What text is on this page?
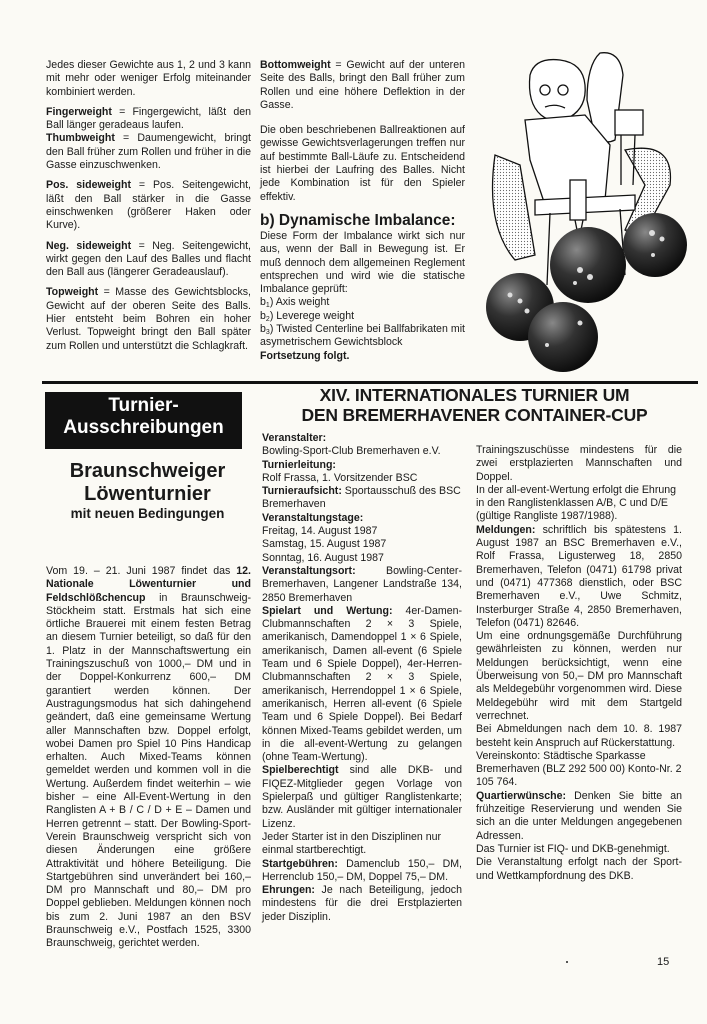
Jedes dieser Gewichte aus 1, 2 und 3 kann mit mehr oder weniger Erfolg miteinander kombiniert werden.

Fingerweight = Fingergewicht, läßt den Ball länger geradeaus laufen.

Thumbweight = Daumengewicht, bringt den Ball früher zum Rollen und früher in die Gasse einzuschwenken.

Pos. sideweight = Pos. Seitengewicht, läßt den Ball stärker in die Gasse einschwenken (größerer Haken oder Kurve).

Neg. sideweight = Neg. Seitengewicht, wirkt gegen den Lauf des Balles und flacht den Ball aus (längerer Geradeauslauf).

Topweight = Masse des Gewichtsblocks, Gewicht auf der oberen Seite des Balls. Hier entsteht beim Bohren ein hoher Verlust. Topweight bringt den Ball später zum Rollen und unterstützt die Schlagkraft.

Bottomweight = Gewicht auf der unteren Seite des Balls, bringt den Ball früher zum Rollen und eine höhere Deflektion in der Gasse.

Die oben beschriebenen Ballreaktionen auf gewisse Gewichtsverlagerungen treffen nur auf bestimmte Ball-Läufe zu. Entscheidend ist hierbei der Laufring des Balles. Nicht jede Kombination ist für den Spieler effektiv.

b) Dynamische Imbalance:

Diese Form der Imbalance wirkt sich nur aus, wenn der Ball in Bewegung ist. Er muß dennoch dem allgemeinen Reglement entsprechen und wird wie die statische Imbalance geprüft:

$b_1$) Axis weight

$b_2$) Leverege weight

$b_3$) Twisted Centerline bei Ballfabrikaten mit asymetrischem Gewichtsblock

Fortsetzung folgt.

Turnier-
Ausschreibungen
Braunschweiger
Löwenturnier
mit neuen Bedingungen

Vom 19. – 21. Juni 1987 findet das 12. Nationale Löwenturnier und Feldschlößchencup in Braunschweig-Stöckheim statt. Erstmals hat sich eine örtliche Brauerei mit einem festen Betrag an diesem Turnier beteiligt, so daß für den 1. Platz in der Mannschaftswertung ein Trainingszuschuß von 1000,– DM und in der Doppel-Konkurrenz 600,– DM garantiert werden können. Der Austragungsmodus hat sich dahingehend geändert, daß eine gemeinsame Wertung aller Mannschaften bzw. Doppel erfolgt, wobei Damen pro Spiel 10 Pins Handicap erhalten. Auch Mixed-Teams können gemeldet werden und kommen voll in die Wertung. Außerdem findet weiterhin – wie bisher – eine All-Event-Wertung in den Ranglisten A + B / C / D + E – Damen und Herren getrennt – statt. Der Bowling-Sport-Verein Braunschweig verspricht sich von diesen Änderungen eine größere Attraktivität und höhere Beteiligung. Die Startgebühren sind unverändert bei 160,– DM pro Mannschaft und 80,– DM pro Doppel geblieben. Meldungen können noch bis zum 2. Juni 1987 an den BSV Braunschweig e.V., Postfach 1525, 3300 Braunschweig, gerichtet werden.

XIV. INTERNATIONALES TURNIER UM
DEN BREMERHAVENER CONTAINER-CUP

Veranstalter:
Bowling-Sport-Club Bremerhaven e.V.

Turnierleitung:
Rolf Frassa, 1. Vorsitzender BSC

Turnieraufsicht: Sportausschuß des BSC Bremerhaven

Veranstaltungstage:
Freitag, 14. August 1987
Samstag, 15. August 1987
Sonntag, 16. August 1987

Veranstaltungsort: Bowling-Center-Bremerhaven, Langener Landstraße 134, 2850 Bremerhaven

Spielart und Wertung: 4er-Damen-Clubmannschaften 2 × 3 Spiele, amerikanisch, Damendoppel 1 × 6 Spiele, amerikanisch, Damen all-event (6 Spiele Team und 6 Spiele Doppel), 4er-Herren-Clubmannschaften 2 × 3 Spiele, amerikanisch, Herrendoppel 1 × 6 Spiele, amerikanisch, Herren all-event (6 Spiele Team und 6 Spiele Doppel). Bei Bedarf können Mixed-Teams gebildet werden, um in die all-event-Wertung zu gelangen (ohne Team-Wertung).

Spielberechtigt sind alle DKB- und FIQEZ-Mitglieder gegen Vorlage von Spielerpaß und gültiger Ranglistenkarte; bzw. Ausländer mit gültiger internationaler Lizenz.

Jeder Starter ist in den Disziplinen nur einmal startberechtigt.

Startgebühren: Damenclub 150,– DM, Herrenclub 150,– DM, Doppel 75,– DM.

Ehrungen: Je nach Beteiligung, jedoch mindestens für die drei Erstplazierten jeder Disziplin.

Trainingszuschüsse mindestens für die zwei erstplazierten Mannschaften und Doppel.

In der all-event-Wertung erfolgt die Ehrung in den Ranglistenklassen A/B, C und D/E (gültige Rangliste 1987/1988).

Meldungen: schriftlich bis spätestens 1. August 1987 an BSC Bremerhaven e.V., Rolf Frassa, Ligusterweg 18, 2850 Bremerhaven, Telefon (0471) 61798 privat und (0471) 477368 dienstlich, oder BSC Bremerhaven e.V., Uwe Schmitz, Insterburger Straße 4, 2850 Bremerhaven, Telefon (0471) 82646.

Um eine ordnungsgemäße Durchführung gewährleisten zu können, werden nur Meldungen berücksichtigt, wenn eine Überweisung von 50,– DM pro Mannschaft als Meldegebühr vorgenommen wird. Diese Meldegebühr wird mit dem Startgeld verrechnet.

Bei Abmeldungen nach dem 10. 8. 1987 besteht kein Anspruch auf Rückerstattung.

Vereinskonto: Städtische Sparkasse Bremerhaven (BLZ 292 500 00) Konto-Nr. 2 105 764.

Quartierwünsche: Denken Sie bitte an frühzeitige Reservierung und wenden Sie sich an die unter Meldungen angegebenen Adressen.

Das Turnier ist FIQ- und DKB-genehmigt.

Die Veranstaltung erfolgt nach der Sport- und Wettkampfordnung des DKB.

15
